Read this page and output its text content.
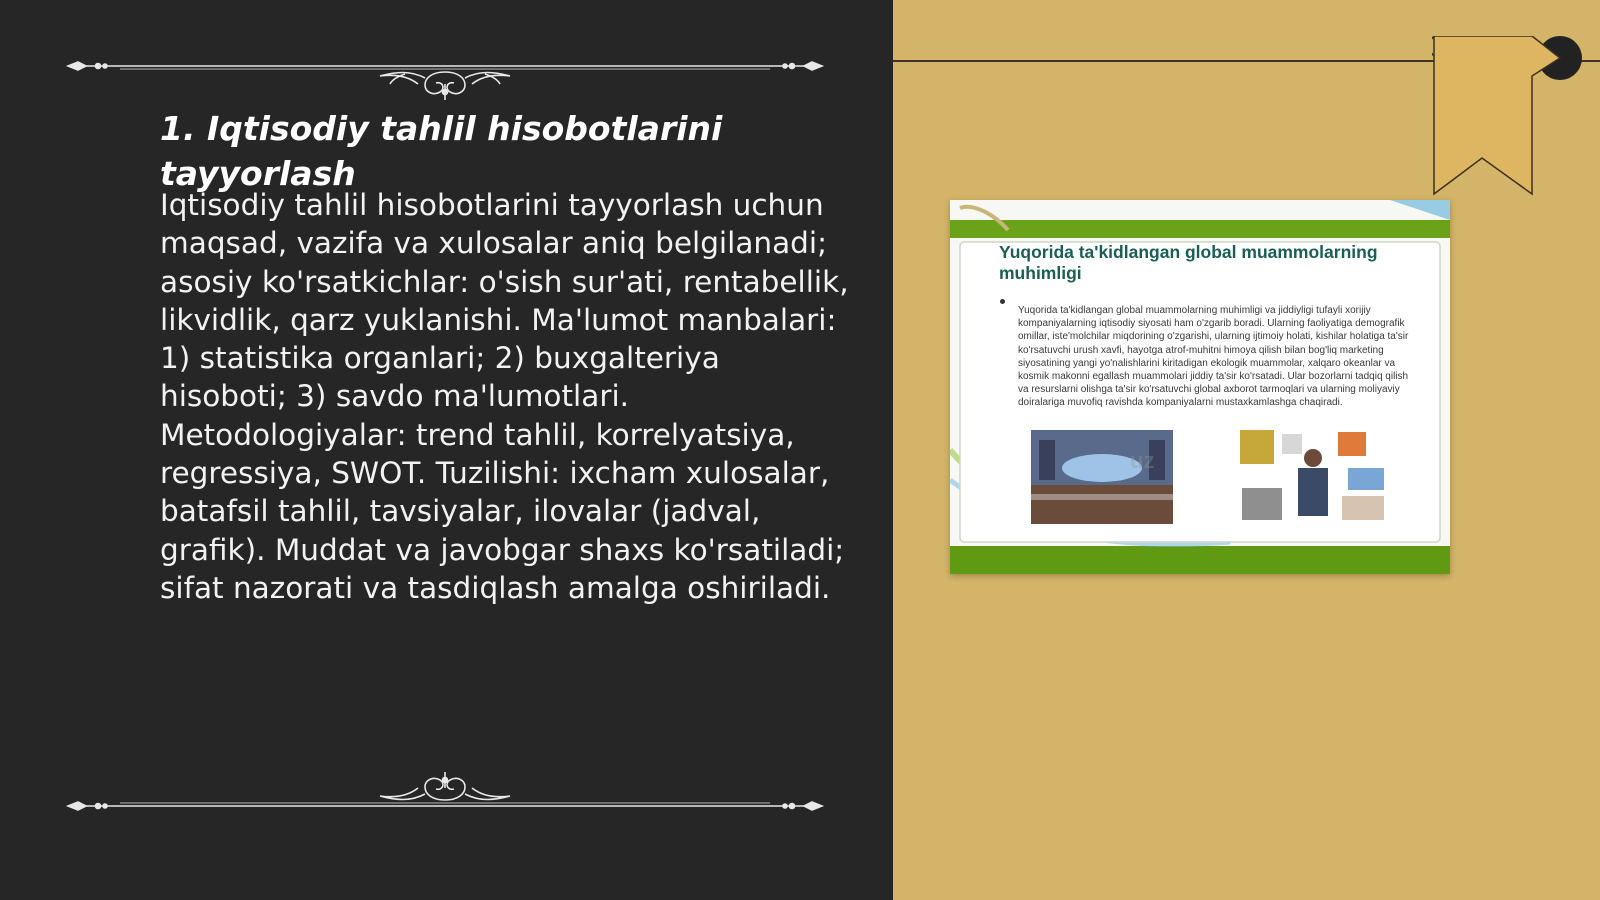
1. Iqtisodiy tahlil hisobotlarini tayyorlash

Iqtisodiy tahlil hisobotlarini tayyorlash uchun maqsad, vazifa va xulosalar aniq belgilanadi; asosiy ko'rsatkichlar: o'sish sur'ati, rentabellik, likvidlik, qarz yuklanishi. Ma'lumot manbalari: 1) statistika organlari; 2) buxgalteriya hisoboti; 3) savdo ma'lumotlari. Metodologiyalar: trend tahlil, korrelyatsiya, regressiya, SWOT. Tuzilishi: ixcham xulosalar, batafsil tahlil, tavsiyalar, ilovalar (jadval, grafik). Muddat va javobgar shaxs ko'rsatiladi; sifat nazorati va tasdiqlash amalga oshiriladi.

Yuqorida ta'kidlangan global muammolarning muhimligi
Yuqorida ta'kidlangan global muammolarning muhimligi va jiddiyligi tufayli xorijiy kompaniyalarning iqtisodiy siyosati ham o'zgarib boradi. Ularning faoliyatiga demografik omillar, iste'molchilar miqdorining o'zgarishi, ularning ijtimoiy holati, kishilar holatiga ta'sir ko'rsatuvchi urush xavfi, hayotga atrof-muhitni himoya qilish bilan bog'liq marketing siyosatining yangi yo'nalishlarini kiritadigan ekologik muammolar, xalqaro okeanlar va kosmik makonni egallash muammolari jiddiy ta'sir ko'rsatadi. Ular bozorlarni tadqiq qilish va resurslarni olishga ta'sir ko'rsatuvchi global axborot tarmoqlari va ularning moliyaviy doiralariga muvofiq ravishda kompaniyalarni mustaxkamlashga chaqiradi.
uz
